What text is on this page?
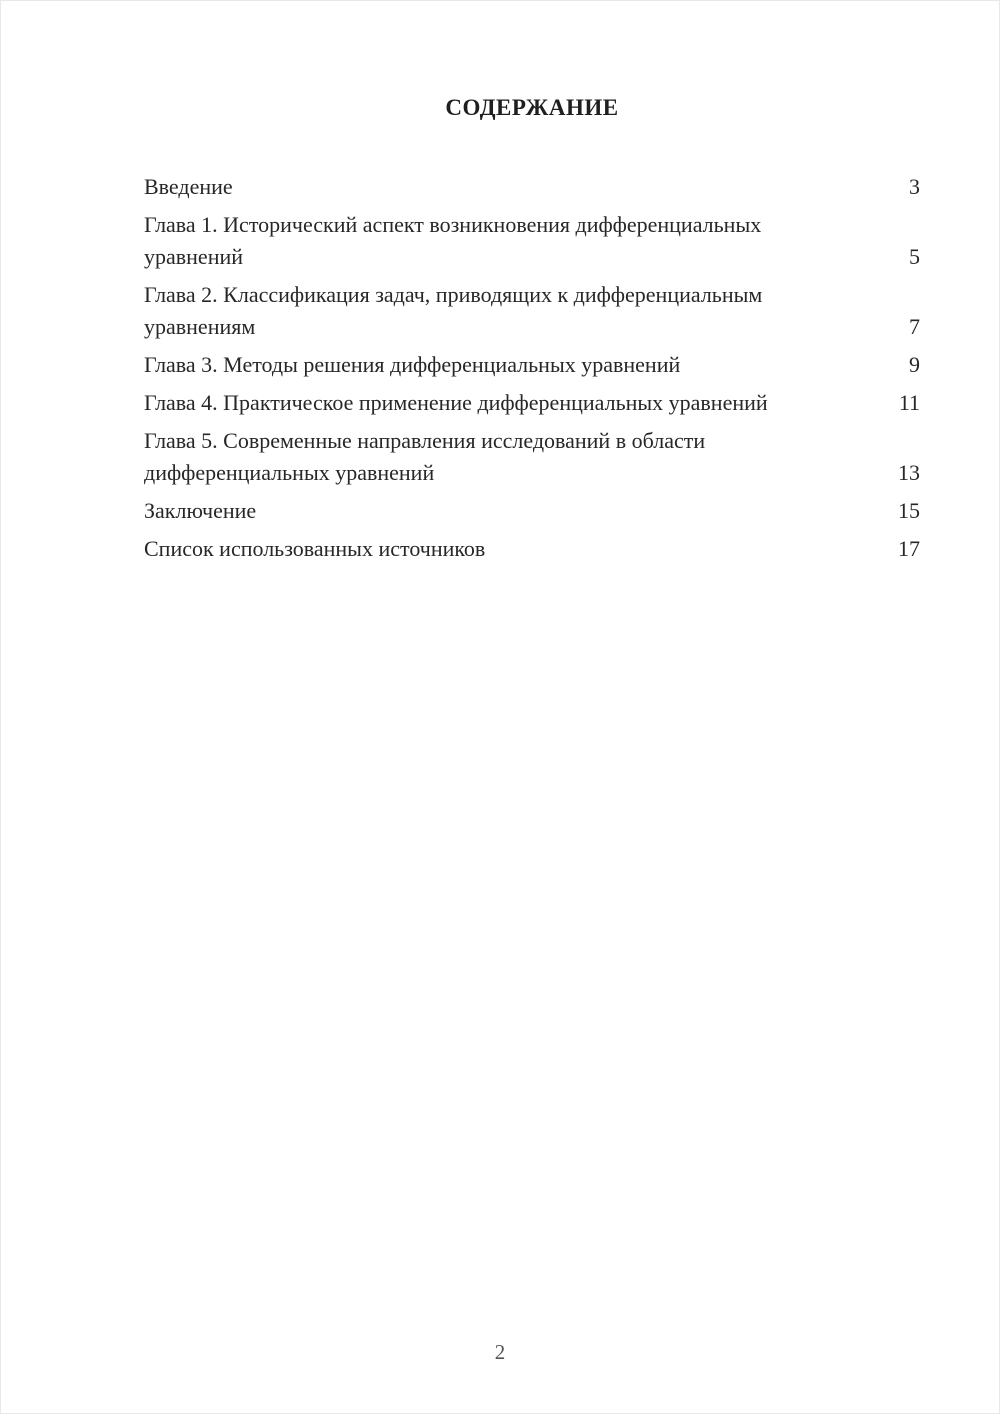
СОДЕРЖАНИЕ
Введение	3
Глава 1. Исторический аспект возникновения дифференциальных уравнений	5
Глава 2. Классификация задач, приводящих к дифференциальным уравнениям	7
Глава 3. Методы решения дифференциальных уравнений	9
Глава 4. Практическое применение дифференциальных уравнений	11
Глава 5. Современные направления исследований в области дифференциальных уравнений	13
Заключение	15
Список использованных источников	17
2
